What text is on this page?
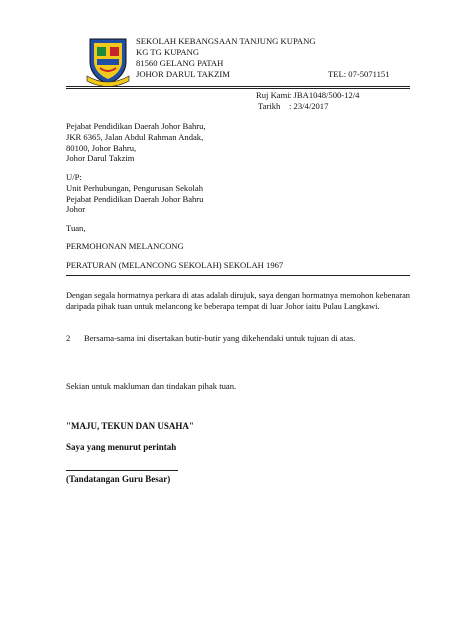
SEKOLAH KEBANGSAAN TANJUNG KUPANG
KG TG KUPANG
81560 GELANG PATAH
JOHOR DARUL TAKZIM	TEL: 07-5071151
Ruj Kami : JBA1048/500-12/4
Tarikh : 23/4/2017
Pejabat Pendidikan Daerah Johor Bahru,
JKR 6365, Jalan Abdul Rahman Andak,
80100, Johor Bahru,
Johor Darul Takzim
U/P:
Unit Perhubungan, Pengurusan Sekolah
Pejabat Pendidikan Daerah Johor Bahru
Johor
Tuan,
PERMOHONAN MELANCONG
PERATURAN (MELANCONG SEKOLAH) SEKOLAH 1967
Dengan segala hormatnya perkara di atas adalah dirujuk, saya dengan hormatnya memohon kebenaran daripada pihak tuan untuk melancong ke beberapa tempat di luar Johor iaitu Pulau Langkawi.
2 Bersama-sama ini disertakan butir-butir yang dikehendaki untuk tujuan di atas.
Sekian untuk makluman dan tindakan pihak tuan.
"MAJU, TEKUN DAN USAHA"
Saya yang menurut perintah
(Tandatangan Guru Besar)
